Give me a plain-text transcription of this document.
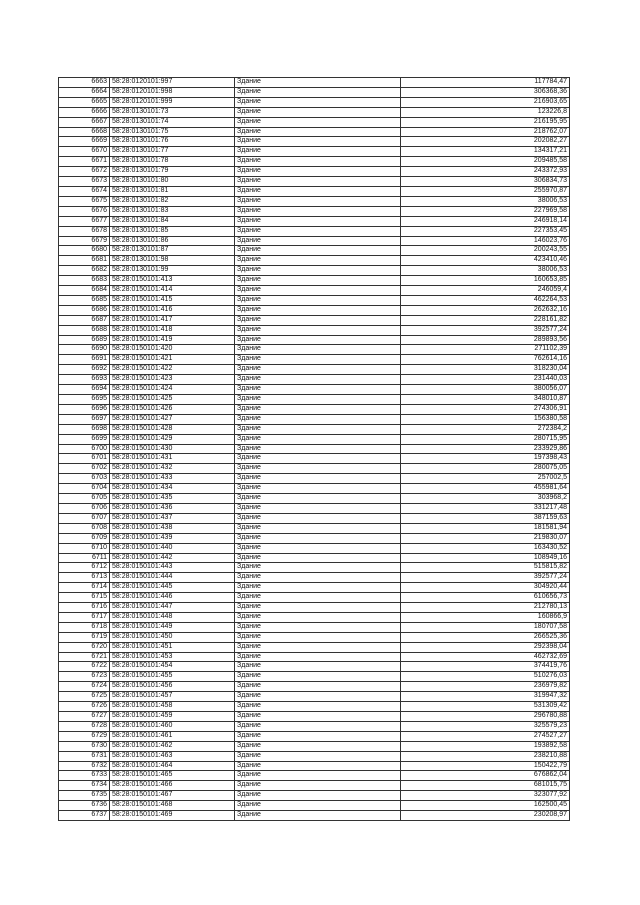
6663	58:28:0120101:997	Здание	117784,47
6664	58:28:0120101:998	Здание	306368,36
6665	58:28:0120101:999	Здание	216903,65
6666	58:28:0130101:73	Здание	123226,8
6667	58:28:0130101:74	Здание	216195,95
6668	58:28:0130101:75	Здание	218762,07
6669	58:28:0130101:76	Здание	202082,27
6670	58:28:0130101:77	Здание	134317,21
6671	58:28:0130101:78	Здание	209485,58
6672	58:28:0130101:79	Здание	243372,93
6673	58:28:0130101:80	Здание	306834,73
6674	58:28:0130101:81	Здание	255970,87
6675	58:28:0130101:82	Здание	38006,53
6676	58:28:0130101:83	Здание	227969,58
6677	58:28:0130101:84	Здание	246918,14
6678	58:28:0130101:85	Здание	227353,45
6679	58:28:0130101:86	Здание	146023,76
6680	58:28:0130101:87	Здание	200243,55
6681	58:28:0130101:98	Здание	423410,46
6682	58:28:0130101:99	Здание	38006,53
6683	58:28:0150101:413	Здание	160653,85
6684	58:28:0150101:414	Здание	246059,4
6685	58:28:0150101:415	Здание	462264,53
6686	58:28:0150101:416	Здание	262632,16
6687	58:28:0150101:417	Здание	228161,82
6688	58:28:0150101:418	Здание	392577,24
6689	58:28:0150101:419	Здание	289893,56
6690	58:28:0150101:420	Здание	271102,39
6691	58:28:0150101:421	Здание	762614,16
6692	58:28:0150101:422	Здание	318230,04
6693	58:28:0150101:423	Здание	231440,03
6694	58:28:0150101:424	Здание	380056,07
6695	58:28:0150101:425	Здание	348010,87
6696	58:28:0150101:426	Здание	274306,91
6697	58:28:0150101:427	Здание	156380,58
6698	58:28:0150101:428	Здание	272384,2
6699	58:28:0150101:429	Здание	280715,95
6700	58:28:0150101:430	Здание	233929,86
6701	58:28:0150101:431	Здание	197398,43
6702	58:28:0150101:432	Здание	280075,05
6703	58:28:0150101:433	Здание	257002,5
6704	58:28:0150101:434	Здание	455981,64
6705	58:28:0150101:435	Здание	303968,2
6706	58:28:0150101:436	Здание	331217,48
6707	58:28:0150101:437	Здание	387159,63
6708	58:28:0150101:438	Здание	181581,94
6709	58:28:0150101:439	Здание	219830,07
6710	58:28:0150101:440	Здание	163430,52
6711	58:28:0150101:442	Здание	108949,16
6712	58:28:0150101:443	Здание	515815,82
6713	58:28:0150101:444	Здание	392577,24
6714	58:28:0150101:445	Здание	304920,44
6715	58:28:0150101:446	Здание	610656,73
6716	58:28:0150101:447	Здание	212780,13
6717	58:28:0150101:448	Здание	160866,9
6718	58:28:0150101:449	Здание	180707,58
6719	58:28:0150101:450	Здание	266525,36
6720	58:28:0150101:451	Здание	292398,04
6721	58:28:0150101:453	Здание	462732,69
6722	58:28:0150101:454	Здание	374419,76
6723	58:28:0150101:455	Здание	510276,03
6724	58:28:0150101:456	Здание	236979,82
6725	58:28:0150101:457	Здание	319947,32
6726	58:28:0150101:458	Здание	531309,42
6727	58:28:0150101:459	Здание	296780,88
6728	58:28:0150101:460	Здание	325579,23
6729	58:28:0150101:461	Здание	274527,27
6730	58:28:0150101:462	Здание	193892,58
6731	58:28:0150101:463	Здание	238210,88
6732	58:28:0150101:464	Здание	150422,79
6733	58:28:0150101:465	Здание	676862,04
6734	58:28:0150101:466	Здание	681015,75
6735	58:28:0150101:467	Здание	323077,92
6736	58:28:0150101:468	Здание	162500,45
6737	58:28:0150101:469	Здание	230208,97
